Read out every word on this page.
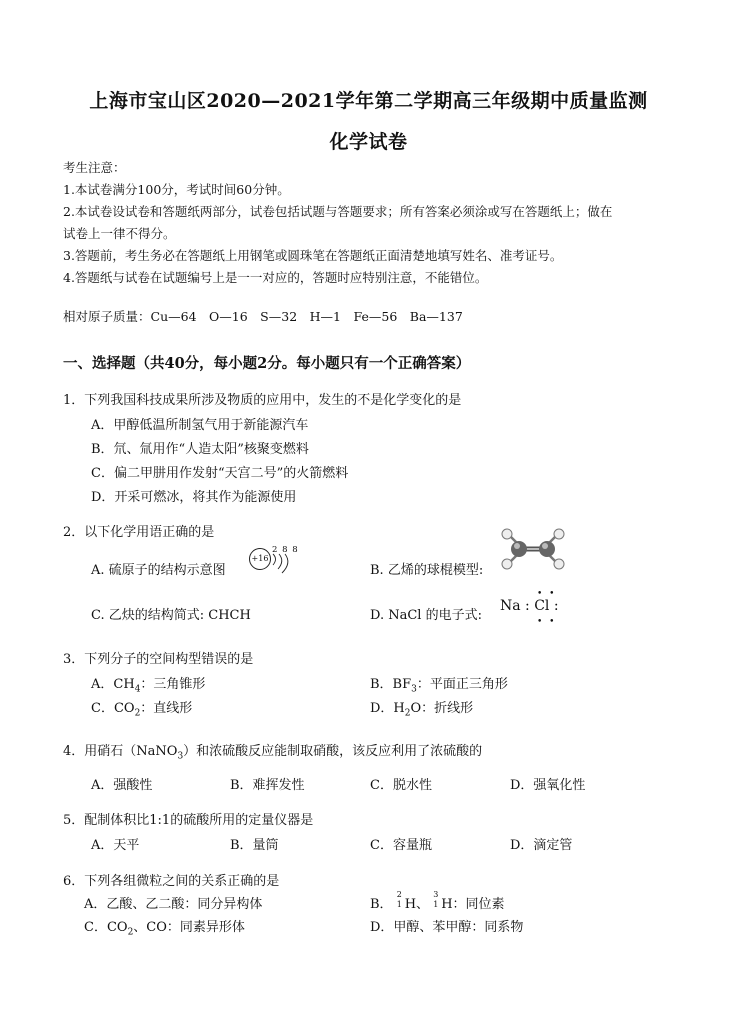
上海市宝山区2020—2021学年第二学期高三年级期中质量监测
化学试卷
考生注意：
1.本试卷满分100分，考试时间60分钟。
2.本试卷设试卷和答题纸两部分，试卷包括试题与答题要求；所有答案必须涂或写在答题纸上；做在
试卷上一律不得分。
3.答题前，考生务必在答题纸上用钢笔或圆珠笔在答题纸正面清楚地填写姓名、准考证号。
4.答题纸与试卷在试题编号上是一一对应的，答题时应特别注意，不能错位。
相对原子质量：Cu—64　O—16　S—32　H—1　Fe—56　Ba—137
一、选择题（共40分，每小题2分。每小题只有一个正确答案）
1．下列我国科技成果所涉及物质的应用中，发生的不是化学变化的是
A．甲醇低温所制氢气用于新能源汽车
B．氘、氚用作“人造太阳”核聚变燃料
C．偏二甲肼用作发射“天宫二号”的火箭燃料
D．开采可燃冰，将其作为能源使用
2．以下化学用语正确的是
A. 硫原子的结构示意图
+16
2 8 8
B. 乙烯的球棍模型:
C. 乙炔的结构简式: CHCH	D. NaCl 的电子式:
Na : Cl :
• •
• •
3．下列分子的空间构型错误的是
A．$CH_4$：三角锥形	B．$BF_3$：平面正三角形
C．$CO_2$：直线形	D．$H_2O$：折线形
4．用硝石（NaNO$_3$）和浓硫酸反应能制取硝酸，该反应利用了浓硫酸的
A．强酸性	B．难挥发性	C．脱水性	D．强氧化性
5．配制体积比1:1的硫酸所用的定量仪器是
A．天平	B．量筒	C．容量瓶	D．滴定管
6．下列各组微粒之间的关系正确的是
A．乙酸、乙二酸：同分异构体	B．
2
1 H、
3
1 H：同位素
C．$CO_2$、CO：同素异形体	D．甲醇、苯甲醇：同系物
